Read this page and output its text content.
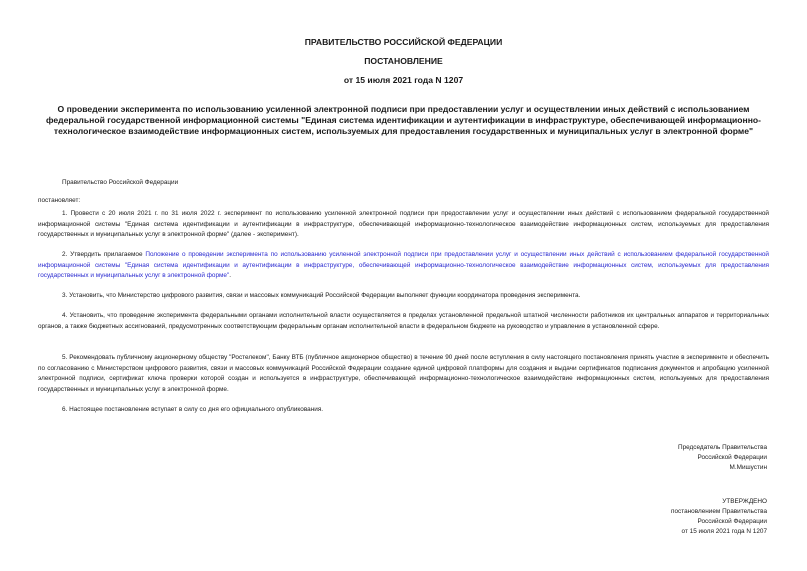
ПРАВИТЕЛЬСТВО РОССИЙСКОЙ ФЕДЕРАЦИИ
ПОСТАНОВЛЕНИЕ
от 15 июля 2021 года N 1207
О проведении эксперимента по использованию усиленной электронной подписи при предоставлении услуг и осуществлении иных действий с использованием федеральной государственной информационной системы "Единая система идентификации и аутентификации в инфраструктуре, обеспечивающей информационно-технологическое взаимодействие информационных систем, используемых для предоставления государственных и муниципальных услуг в электронной форме"
Правительство Российской Федерации
постановляет:
1. Провести с 20 июля 2021 г. по 31 июля 2022 г. эксперимент по использованию усиленной электронной подписи при предоставлении услуг и осуществлении иных действий с использованием федеральной государственной информационной системы "Единая система идентификации и аутентификации в инфраструктуре, обеспечивающей информационно-технологическое взаимодействие информационных систем, используемых для предоставления государственных и муниципальных услуг в электронной форме" (далее - эксперимент).
2. Утвердить прилагаемое Положение о проведении эксперимента по использованию усиленной электронной подписи при предоставлении услуг и осуществлении иных действий с использованием федеральной государственной информационной системы "Единая система идентификации и аутентификации в инфраструктуре, обеспечивающей информационно-технологическое взаимодействие информационных систем, используемых для предоставления государственных и муниципальных услуг в электронной форме".
3. Установить, что Министерство цифрового развития, связи и массовых коммуникаций Российской Федерации выполняет функции координатора проведения эксперимента.
4. Установить, что проведение эксперимента федеральными органами исполнительной власти осуществляется в пределах установленной предельной штатной численности работников их центральных аппаратов и территориальных органов, а также бюджетных ассигнований, предусмотренных соответствующим федеральным органам исполнительной власти в федеральном бюджете на руководство и управление в установленной сфере.
5. Рекомендовать публичному акционерному обществу "Ростелеком", Банку ВТБ (публичное акционерное общество) в течение 90 дней после вступления в силу настоящего постановления принять участие в эксперименте и обеспечить по согласованию с Министерством цифрового развития, связи и массовых коммуникаций Российской Федерации создание единой цифровой платформы для создания и выдачи сертификатов подписания документов и апробацию усиленной электронной подписи, сертификат ключа проверки которой создан и используется в инфраструктуре, обеспечивающей информационно-технологическое взаимодействие информационных систем, используемых для предоставления государственных и муниципальных услуг в электронной форме.
6. Настоящее постановление вступает в силу со дня его официального опубликования.
Председатель Правительства
Российской Федерации
М.Мишустин
УТВЕРЖДЕНО
постановлением Правительства
Российской Федерации
от 15 июля 2021 года N 1207
